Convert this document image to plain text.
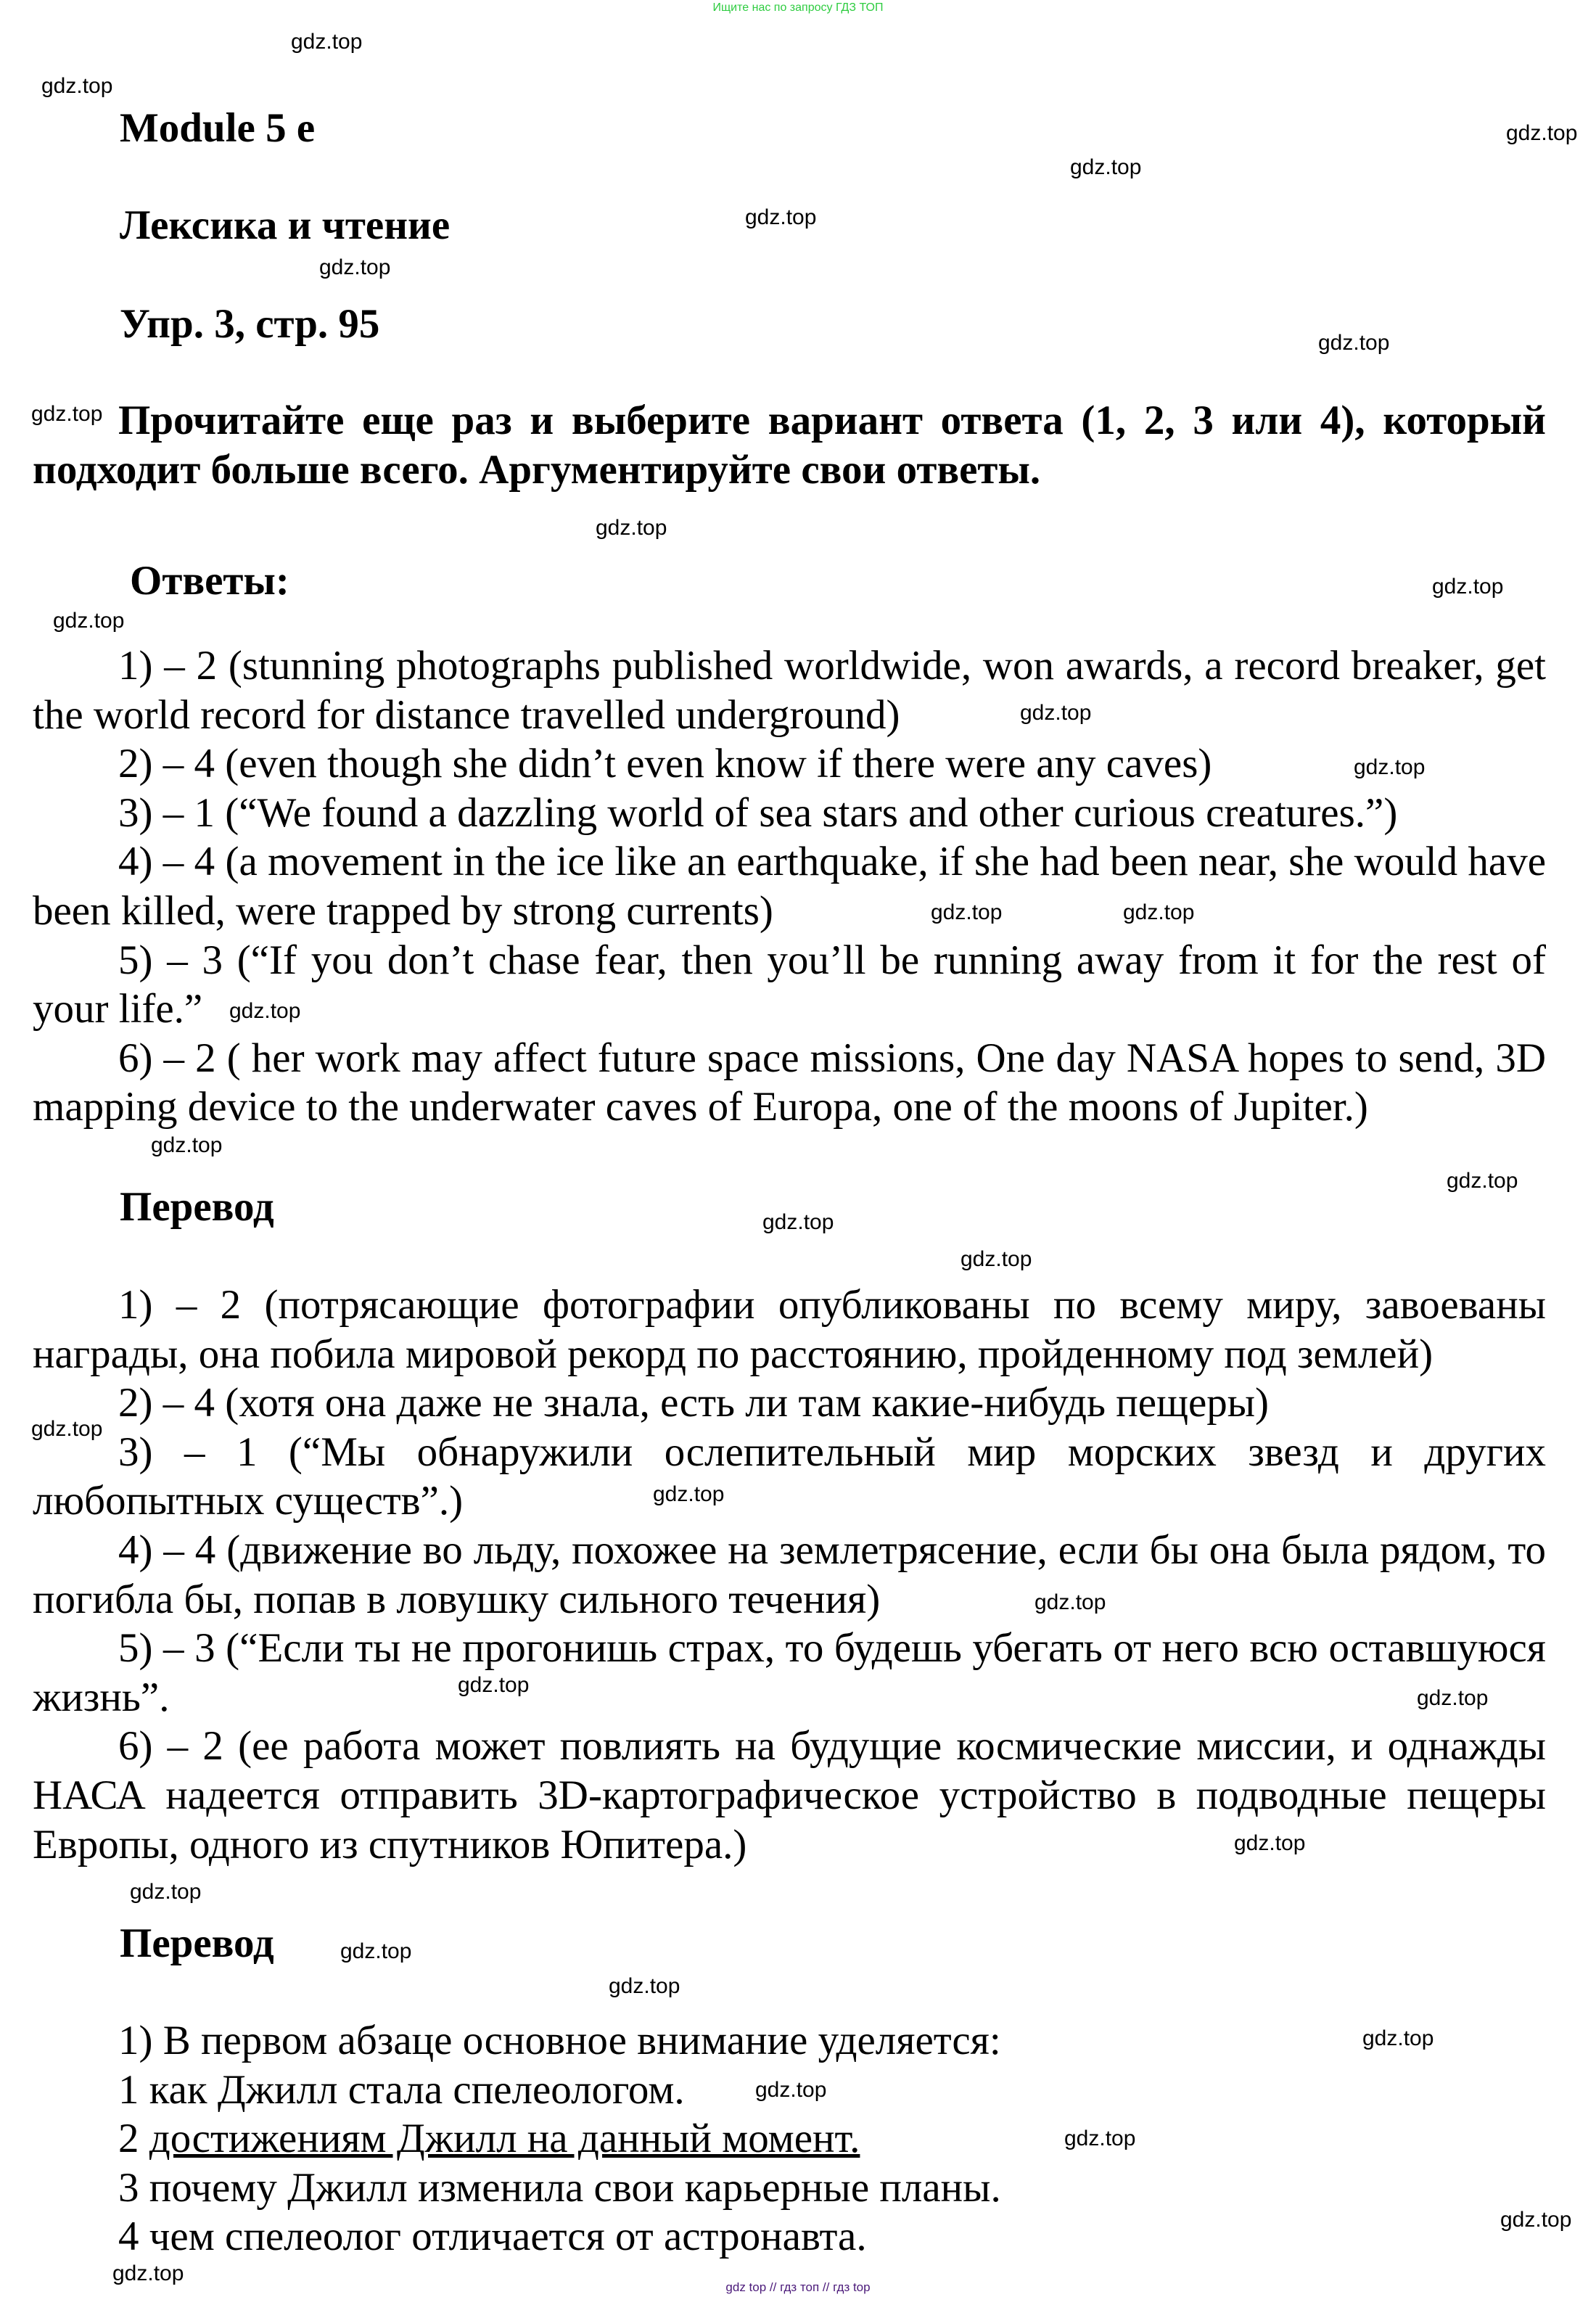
Ищите нас по запросу ГДЗ ТОП
Module 5 e
Лексика и чтение
Упр. 3, стр. 95

Прочитайте еще раз и выберите вариант ответа (1, 2, 3 или 4), который подходит больше всего. Аргументируйте свои ответы.

Ответы:

1) – 2 (stunning photographs published worldwide, won awards, a record breaker, get the world record for distance travelled underground)

2) – 4 (even though she didn’t even know if there were any caves)

3) – 1 (“We found a dazzling world of sea stars and other curious creatures.”)

4) – 4 (a movement in the ice like an earthquake, if she had been near, she would have been killed, were trapped by strong currents)

5) – 3 (“If you don’t chase fear, then you’ll be running away from it for the rest of your life.”

6) – 2 ( her work may affect future space missions, One day NASA hopes to send, 3D mapping device to the underwater caves of Europa, one of the moons of Jupiter.)

Перевод

1) – 2 (потрясающие фотографии опубликованы по всему миру, завоеваны награды, она побила мировой рекорд по расстоянию, пройденному под землей)

2) – 4 (хотя она даже не знала, есть ли там какие-нибудь пещеры)

3) – 1 (“Мы обнаружили ослепительный мир морских звезд и других любопытных существ”.)

4) – 4 (движение во льду, похожее на землетрясение, если бы она была рядом, то погибла бы, попав в ловушку сильного течения)

5) – 3 (“Если ты не прогонишь страх, то будешь убегать от него всю оставшуюся жизнь”.

6) – 2 (ее работа может повлиять на будущие космические миссии, и однажды НАСА надеется отправить 3D-картографическое устройство в подводные пещеры Европы, одного из спутников Юпитера.)

Перевод
1) В первом абзаце основное внимание уделяется:
1 как Джилл стала спелеологом.
2 достижениям Джилл на данный момент.
3 почему Джилл изменила свои карьерные планы.
4 чем спелеолог отличается от астронавта.
gdz.top
gdz.top
gdz.top
gdz.top
gdz.top
gdz.top
gdz.top
gdz.top
gdz.top
gdz.top
gdz.top
gdz.top
gdz.top
gdz.top
gdz.top
gdz.top
gdz.top
gdz.top
gdz.top
gdz.top
gdz.top
gdz.top
gdz.top
gdz.top
gdz.top
gdz.top
gdz.top
gdz.top
gdz.top
gdz.top
gdz.top
gdz.top
gdz.top
gdz.top
gdz top // гдз топ // гдз top
